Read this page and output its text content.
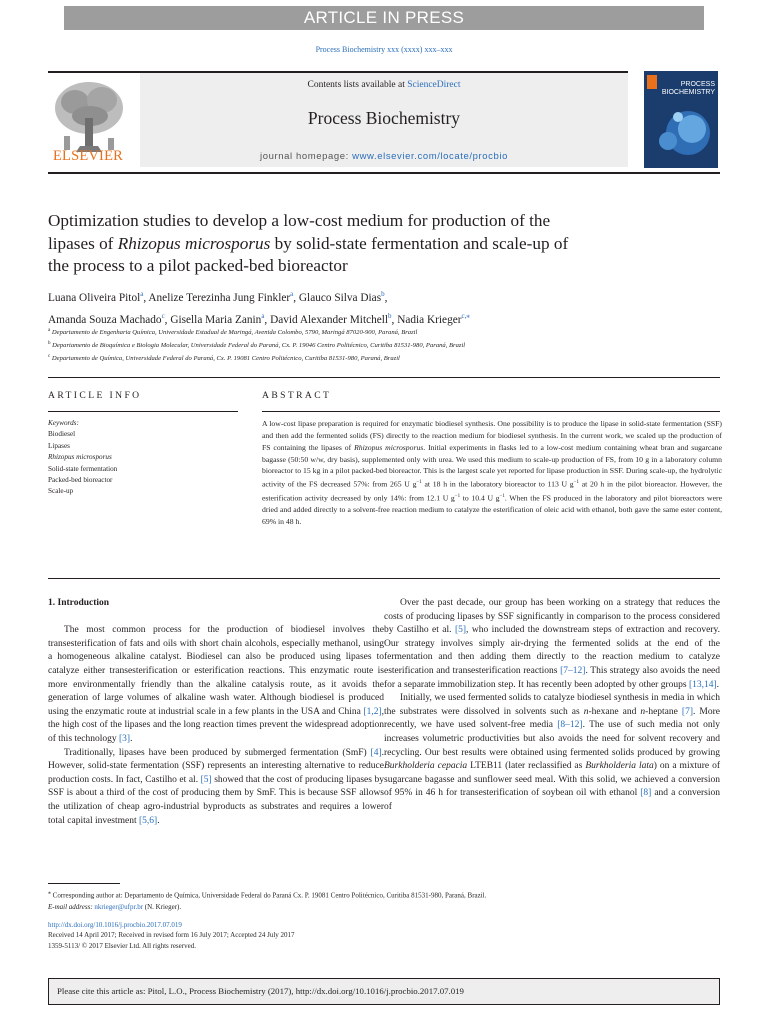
ARTICLE IN PRESS
Process Biochemistry xxx (xxxx) xxx–xxx
ELSEVIER
Contents lists available at ScienceDirect
Process Biochemistry
journal homepage: www.elsevier.com/locate/procbio
PROCESS
BIOCHEMISTRY
Optimization studies to develop a low-cost medium for production of the
lipases of Rhizopus microsporus by solid-state fermentation and scale-up of
the process to a pilot packed-bed bioreactor
Luana Oliveira Pitol$^a$, Anelize Terezinha Jung Finkler$^a$, Glauco Silva Dias$^b$,
Amanda Souza Machado$^c$, Gisella Maria Zanin$^a$, David Alexander Mitchell$^b$, Nadia Krieger$^{c,⁎}$
$^a$ Departamento de Engenharia Química, Universidade Estadual de Maringá, Avenida Colombo, 5790, Maringá 87020-900, Paraná, Brazil
$^b$ Departamento de Bioquímica e Biologia Molecular, Universidade Federal do Paraná, Cx. P. 19046 Centro Politécnico, Curitiba 81531-980, Paraná, Brazil
$^c$ Departamento de Química, Universidade Federal do Paraná, Cx. P. 19081 Centro Politécnico, Curitiba 81531-980, Paraná, Brazil
ARTICLE INFO	ABSTRACT
Keywords:
Biodiesel
Lipases
Rhizopus microsporus
Solid-state fermentation
Packed-bed bioreactor
Scale-up

A low-cost lipase preparation is required for enzymatic biodiesel synthesis. One possibility is to produce the lipase in solid-state fermentation (SSF) and then add the fermented solids (FS) directly to the reaction medium for biodiesel synthesis. In the current work, we scaled up the production of FS containing the lipases of Rhizopus microsporus. Initial experiments in flasks led to a low-cost medium containing wheat bran and sugarcane bagasse (50:50 w/w, dry basis), supplemented only with urea. We used this medium to scale-up production of FS, from 10 g in a laboratory column bioreactor to 15 kg in a pilot packed-bed bioreactor. This is the largest scale yet reported for lipase production in SSF. During scale-up, the hydrolytic activity of the FS decreased 57%: from 265 U $g^{-1}$ at 18 h in the laboratory bioreactor to 113 U $g^{-1}$ at 20 h in the pilot bioreactor. However, the esterification activity decreased by only 14%: from 12.1 U $g^{-1}$ to 10.4 U $g^{-1}$. When the FS produced in the laboratory and pilot bioreactors were dried and added directly to a solvent-free reaction medium to catalyze the esterification of oleic acid with ethanol, both gave the same ester content, 69% in 48 h.

1. Introduction

The most common process for the production of biodiesel involves the transesterification of fats and oils with short chain alcohols, especially methanol, using a homogeneous alkaline catalyst. Biodiesel can also be produced using lipases to catalyze either transesterification or esterification reactions. This enzymatic route is more environmentally friendly than the alkaline catalysis route, as it avoids the generation of large volumes of alkaline wash water. Although biodiesel is produced using the enzymatic route at industrial scale in a few plants in the USA and China [1,2], the high cost of the lipases and the long reaction times prevent the widespread adoption of this technology [3].

Traditionally, lipases have been produced by submerged fermentation (SmF) [4]. However, solid-state fermentation (SSF) represents an interesting alternative to reduce production costs. In fact, Castilho et al. [5] showed that the cost of producing lipases by SSF is about a third of the cost of producing them by SmF. This is because SSF allows the utilization of cheap agro-industrial byproducts as substrates and requires a lower total capital investment [5,6].

Over the past decade, our group has been working on a strategy that reduces the costs of producing lipases by SSF significantly in comparison to the process considered by Castilho et al. [5], who included the downstream steps of extraction and recovery. Our strategy involves simply air-drying the fermented solids at the end of the fermentation and then adding them directly to the reaction medium to catalyze esterification and transesterification reactions [7–12]. This strategy also avoids the need for a separate immobilization step. It has recently been adopted by other groups [13,14].

Initially, we used fermented solids to catalyze biodiesel synthesis in media in which the substrates were dissolved in solvents such as n-hexane and n-heptane [7]. More recently, we have used solvent-free media [8–12]. The use of such media not only increases volumetric productivities but also avoids the need for solvent recovery and recycling. Our best results were obtained using fermented solids produced by growing Burkholderia cepacia LTEB11 (later reclassified as Burkholderia lata) on a mixture of sugarcane bagasse and sunflower seed meal. With this solid, we achieved a conversion of 95% in 46 h for transesterification of soybean oil with ethanol [8] and a conversion of

⁎ Corresponding author at: Departamento de Química, Universidade Federal do Paraná Cx. P. 19081 Centro Politécnico, Curitiba 81531-980, Paraná, Brazil.
E-mail address: nkrieger@ufpr.br (N. Krieger).
http://dx.doi.org/10.1016/j.procbio.2017.07.019
Received 14 April 2017; Received in revised form 16 July 2017; Accepted 24 July 2017
1359-5113/ © 2017 Elsevier Ltd. All rights reserved.
Please cite this article as: Pitol, L.O., Process Biochemistry (2017), http://dx.doi.org/10.1016/j.procbio.2017.07.019
